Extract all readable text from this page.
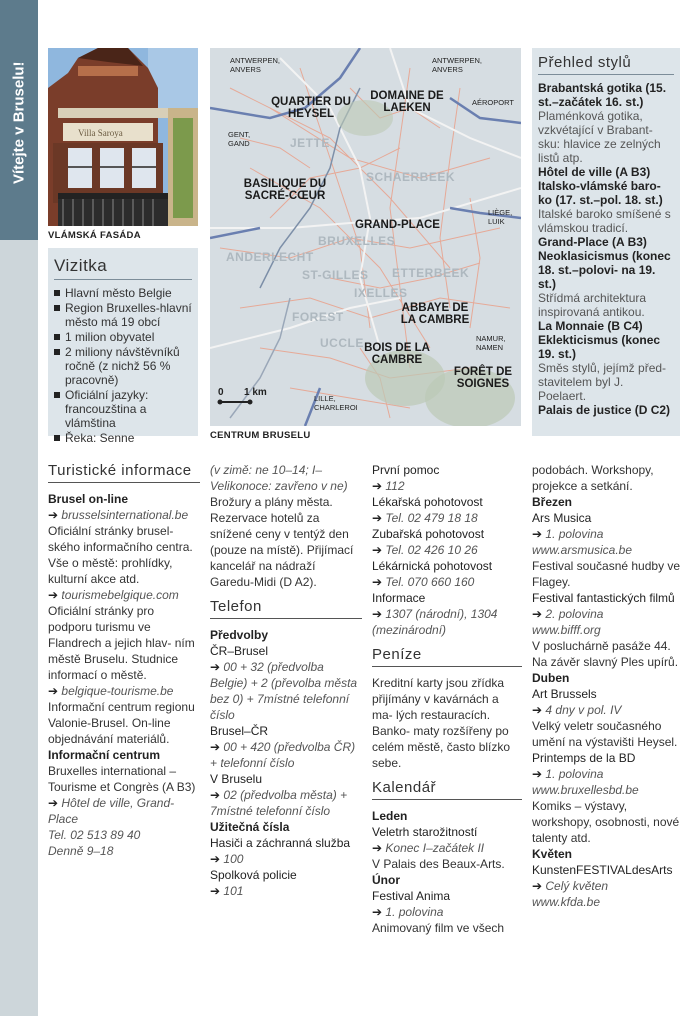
Vítejte v Bruselu!	Villa Saroya
VLÁMSKÁ FASÁDA
Vizitka
Hlavní město Belgie
Region Bruxelles-hlavní město má 19 obcí
1 milion obyvatel
2 miliony návštěvníků ročně (z nichž 56 % pracovně)
Oficiální jazyky: francouzština a vlámština
Řeka: Senne
JETTE
SCHAERBEEK
BRUXELLES
ANDERLECHT
ST-GILLES ETTERBEEK
IXELLES
FOREST
UCCLE
QUARTIER DU HEYSEL
DOMAINE DE LAEKEN
BASILIQUE DU SACRÉ-CŒUR
GRAND-PLACE
ABBAYE DE LA CAMBRE
BOIS DE LA CAMBRE
FORÊT DE SOIGNES
ANTWERPEN, ANVERS
ANTWERPEN, ANVERS
AÉROPORT
GENT, GAND
LIÈGE, LUIK
NAMUR, NAMEN
LILLE, CHARLEROI
0 1 km
CENTRUM BRUSELU
Přehled stylů
Brabantská gotika (15. st.–začátek 16. st.)
Plaménková gotika, vzkvétající v Brabant- sku: hlavice ze zelných listů atp.
Hôtel de ville (A B3)
Italsko-vlámské baro- ko (17. st.–pol. 18. st.)
Italské baroko smíšené s vlámskou tradicí.
Grand-Place (A B3)
Neoklasicismus (konec 18. st.–polovi- na 19. st.)
Střídmá architektura inspirovaná antikou.
La Monnaie (B C4)
Eklekticismus (konec 19. st.)
Směs stylů, jejímž před- stavitelem byl J. Poelaert.
Palais de justice (D C2)
Turistické informace

Brusel on-line

➔ brusselsinternational.be

Oficiální stránky brusel- ského informačního centra. Vše o městě: prohlídky, kulturní akce atd.

➔ tourismebelgique.com

Oficiální stránky pro podporu turismu ve Flandrech a jejich hlav- ním městě Bruselu. Studnice informací o městě.

➔ belgique-tourisme.be

Informační centrum regionu Valonie-Brusel. On-line objednávání materiálů.

Informační centrum

Bruxelles international – Tourisme et Congrès (A B3)

➔ Hôtel de ville, Grand-Place

Tel. 02 513 89 40

Denně 9–18

(v zimě: ne 10–14; I–Velikonoce: zavřeno v ne)

Brožury a plány města. Rezervace hotelů za snížené ceny v tentýž den (pouze na místě). Přijímací kancelář na nádraží Garedu-Midi (D A2).

Telefon

Předvolby

ČR–Brusel

➔ 00 + 32 (předvolba Belgie) + 2 (převolba města bez 0) + 7místné telefonní číslo

Brusel–ČR

➔ 00 + 420 (předvolba ČR) + telefonní číslo

V Bruselu

➔ 02 (předvolba města) + 7místné telefonní číslo

Užitečná čísla

Hasiči a záchranná služba

➔ 100

Spolková policie

➔ 101

První pomoc

➔ 112

Lékařská pohotovost

➔ Tel. 02 479 18 18

Zubařská pohotovost

➔ Tel. 02 426 10 26

Lékárnická pohotovost

➔ Tel. 070 660 160

Informace

➔ 1307 (národní), 1304 (mezinárodní)

Peníze

Kreditní karty jsou zřídka přijímány v kavárnách a ma- lých restauracích. Banko- maty rozšířeny po celém městě, často blízko sebe.

Kalendář

Leden

Veletrh starožitností

➔ Konec I–začátek II

V Palais des Beaux-Arts.

Únor

Festival Anima

➔ 1. polovina

Animovaný film ve všech

podobách. Workshopy, projekce a setkání.

Březen

Ars Musica

➔ 1. polovina

www.arsmusica.be

Festival současné hudby ve Flagey.

Festival fantastických filmů

➔ 2. polovina

www.bifff.org

V posluchárně pasáže 44. Na závěr slavný Ples upírů.

Duben

Art Brussels

➔ 4 dny v pol. IV

Velký veletr současného umění na výstavišti Heysel.

Printemps de la BD

➔ 1. polovina

www.bruxellesbd.be

Komiks – výstavy, workshopy, osobnosti, nové talenty atd.

Květen

KunstenFESTIVALdesArts

➔ Celý květen

www.kfda.be
